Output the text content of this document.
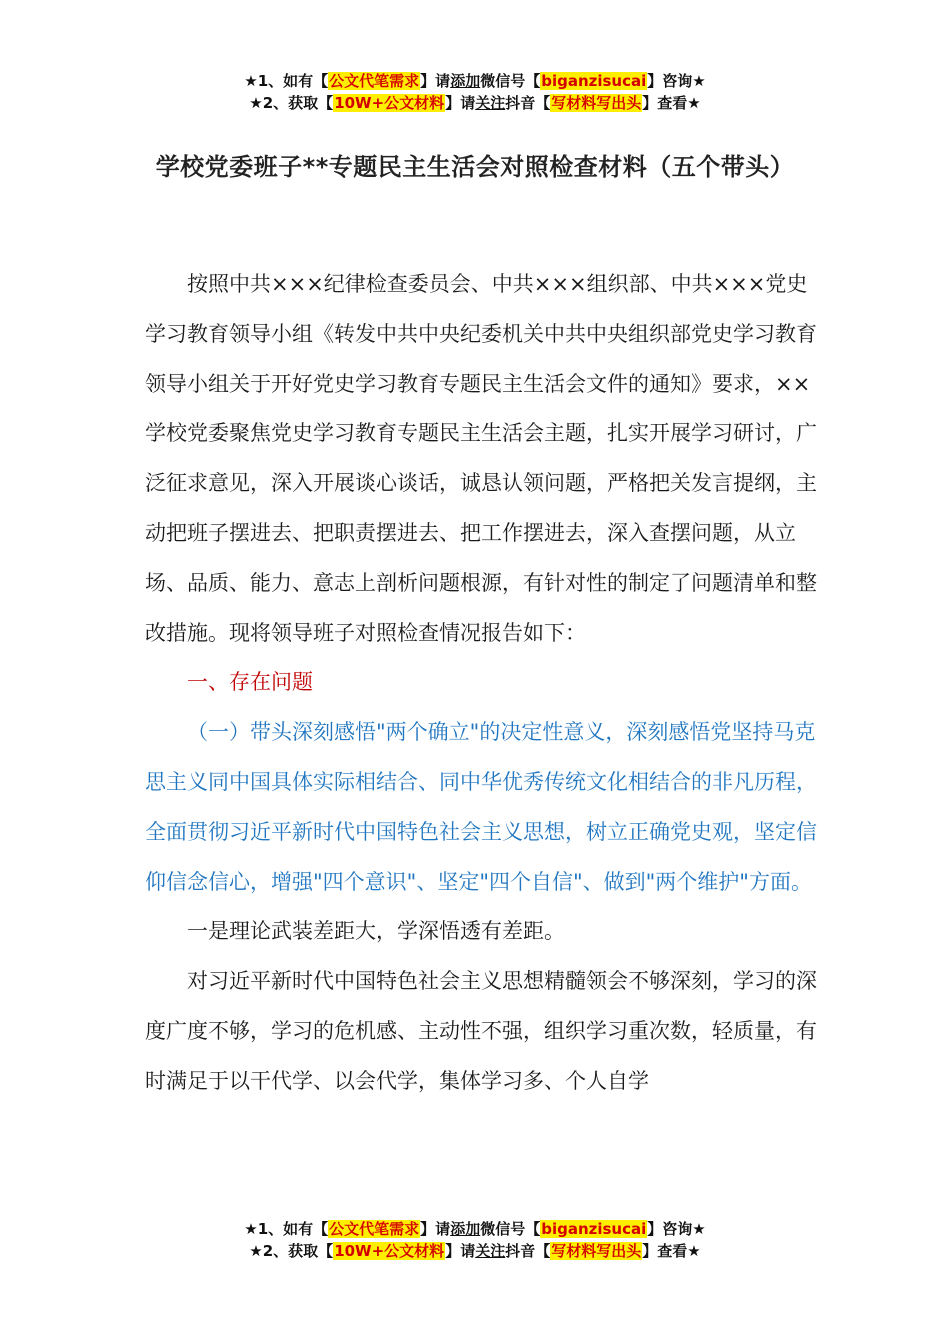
★1、如有【公文代笔需求】请添加微信号【biganzisucai】咨询★
★2、获取【10W+公文材料】请关注抖音【写材料写出头】查看★
学校党委班子**专题民主生活会对照检查材料（五个带头）

按照中共×××纪律检查委员会、中共×××组织部、中共×××党史学习教育领导小组《转发中共中央纪委机关中共中央组织部党史学习教育领导小组关于开好党史学习教育专题民主生活会文件的通知》要求，××学校党委聚焦党史学习教育专题民主生活会主题，扎实开展学习研讨，广泛征求意见，深入开展谈心谈话，诚恳认领问题，严格把关发言提纲，主动把班子摆进去、把职责摆进去、把工作摆进去，深入查摆问题，从立场、品质、能力、意志上剖析问题根源，有针对性的制定了问题清单和整改措施。现将领导班子对照检查情况报告如下：

一、存在问题

（一）带头深刻感悟"两个确立"的决定性意义，深刻感悟党坚持马克思主义同中国具体实际相结合、同中华优秀传统文化相结合的非凡历程，全面贯彻习近平新时代中国特色社会主义思想，树立正确党史观，坚定信仰信念信心，增强"四个意识"、坚定"四个自信"、做到"两个维护"方面。

一是理论武装差距大，学深悟透有差距。

对习近平新时代中国特色社会主义思想精髓领会不够深刻，学习的深度广度不够，学习的危机感、主动性不强，组织学习重次数，轻质量，有时满足于以干代学、以会代学，集体学习多、个人自学

★1、如有【公文代笔需求】请添加微信号【biganzisucai】咨询★
★2、获取【10W+公文材料】请关注抖音【写材料写出头】查看★
